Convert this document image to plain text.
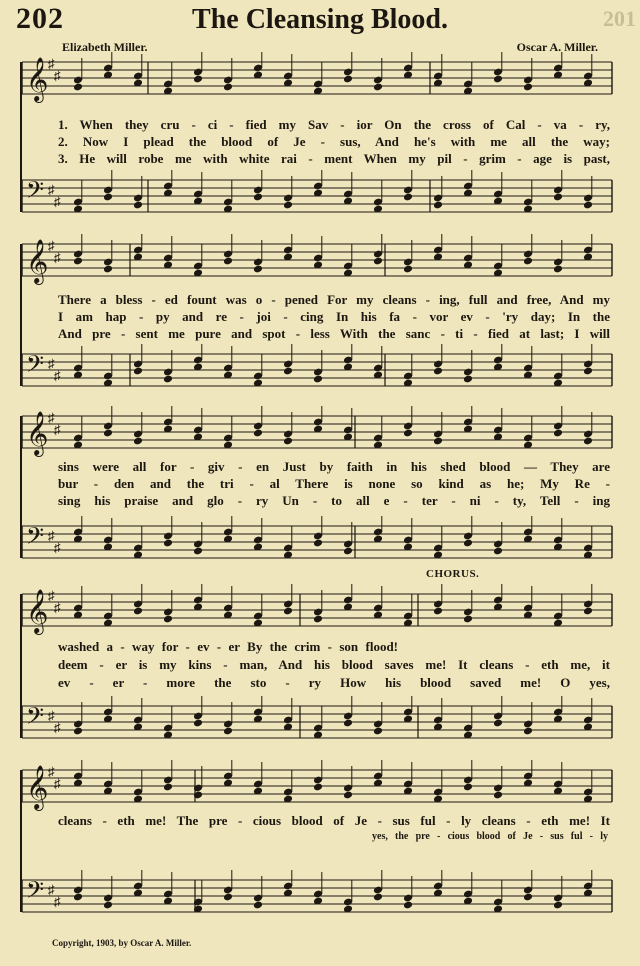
202	The Cleansing Blood.	201
Elizabeth Miller.	Oscar A. Miller.
𝄞 ♯
♯
𝄢 ♯
♯
1. When they cru - ci - fied my Sav - ior On the cross of Cal - va - ry,
2. Now I plead the blood of Je - sus, And he's with me all the way;
3. He will robe me with white rai - ment When my pil - grim - age is past,
𝄞 ♯
♯
𝄢 ♯
♯
There a bless - ed fount was o - pened For my cleans - ing, full and free, And my
I am hap - py and re - joi - cing In his fa - vor ev - 'ry day; In the
And pre - sent me pure and spot - less With the sanc - ti - fied at last; I will
𝄞 ♯
♯
𝄢 ♯
♯
sins were all for - giv - en Just by faith in his shed blood — They are
bur - den and the tri - al There is none so kind as he; My Re -
sing his praise and glo - ry Un - to all e - ter - ni - ty, Tell - ing
CHORUS.
𝄞 ♯
♯
𝄢 ♯
♯
washed a - way for - ev - er By the crim - son flood!
deem - er is my kins - man, And his blood saves me! It cleans - eth me, it
ev - er - more the sto - ry How his blood saved me! O yes,
𝄞 ♯
♯
𝄢 ♯
♯
cleans - eth me! The pre - cious blood of Je - sus ful - ly cleans - eth me! It
yes, the pre - cious blood of Je - sus ful - ly
Copyright, 1903, by Oscar A. Miller.
